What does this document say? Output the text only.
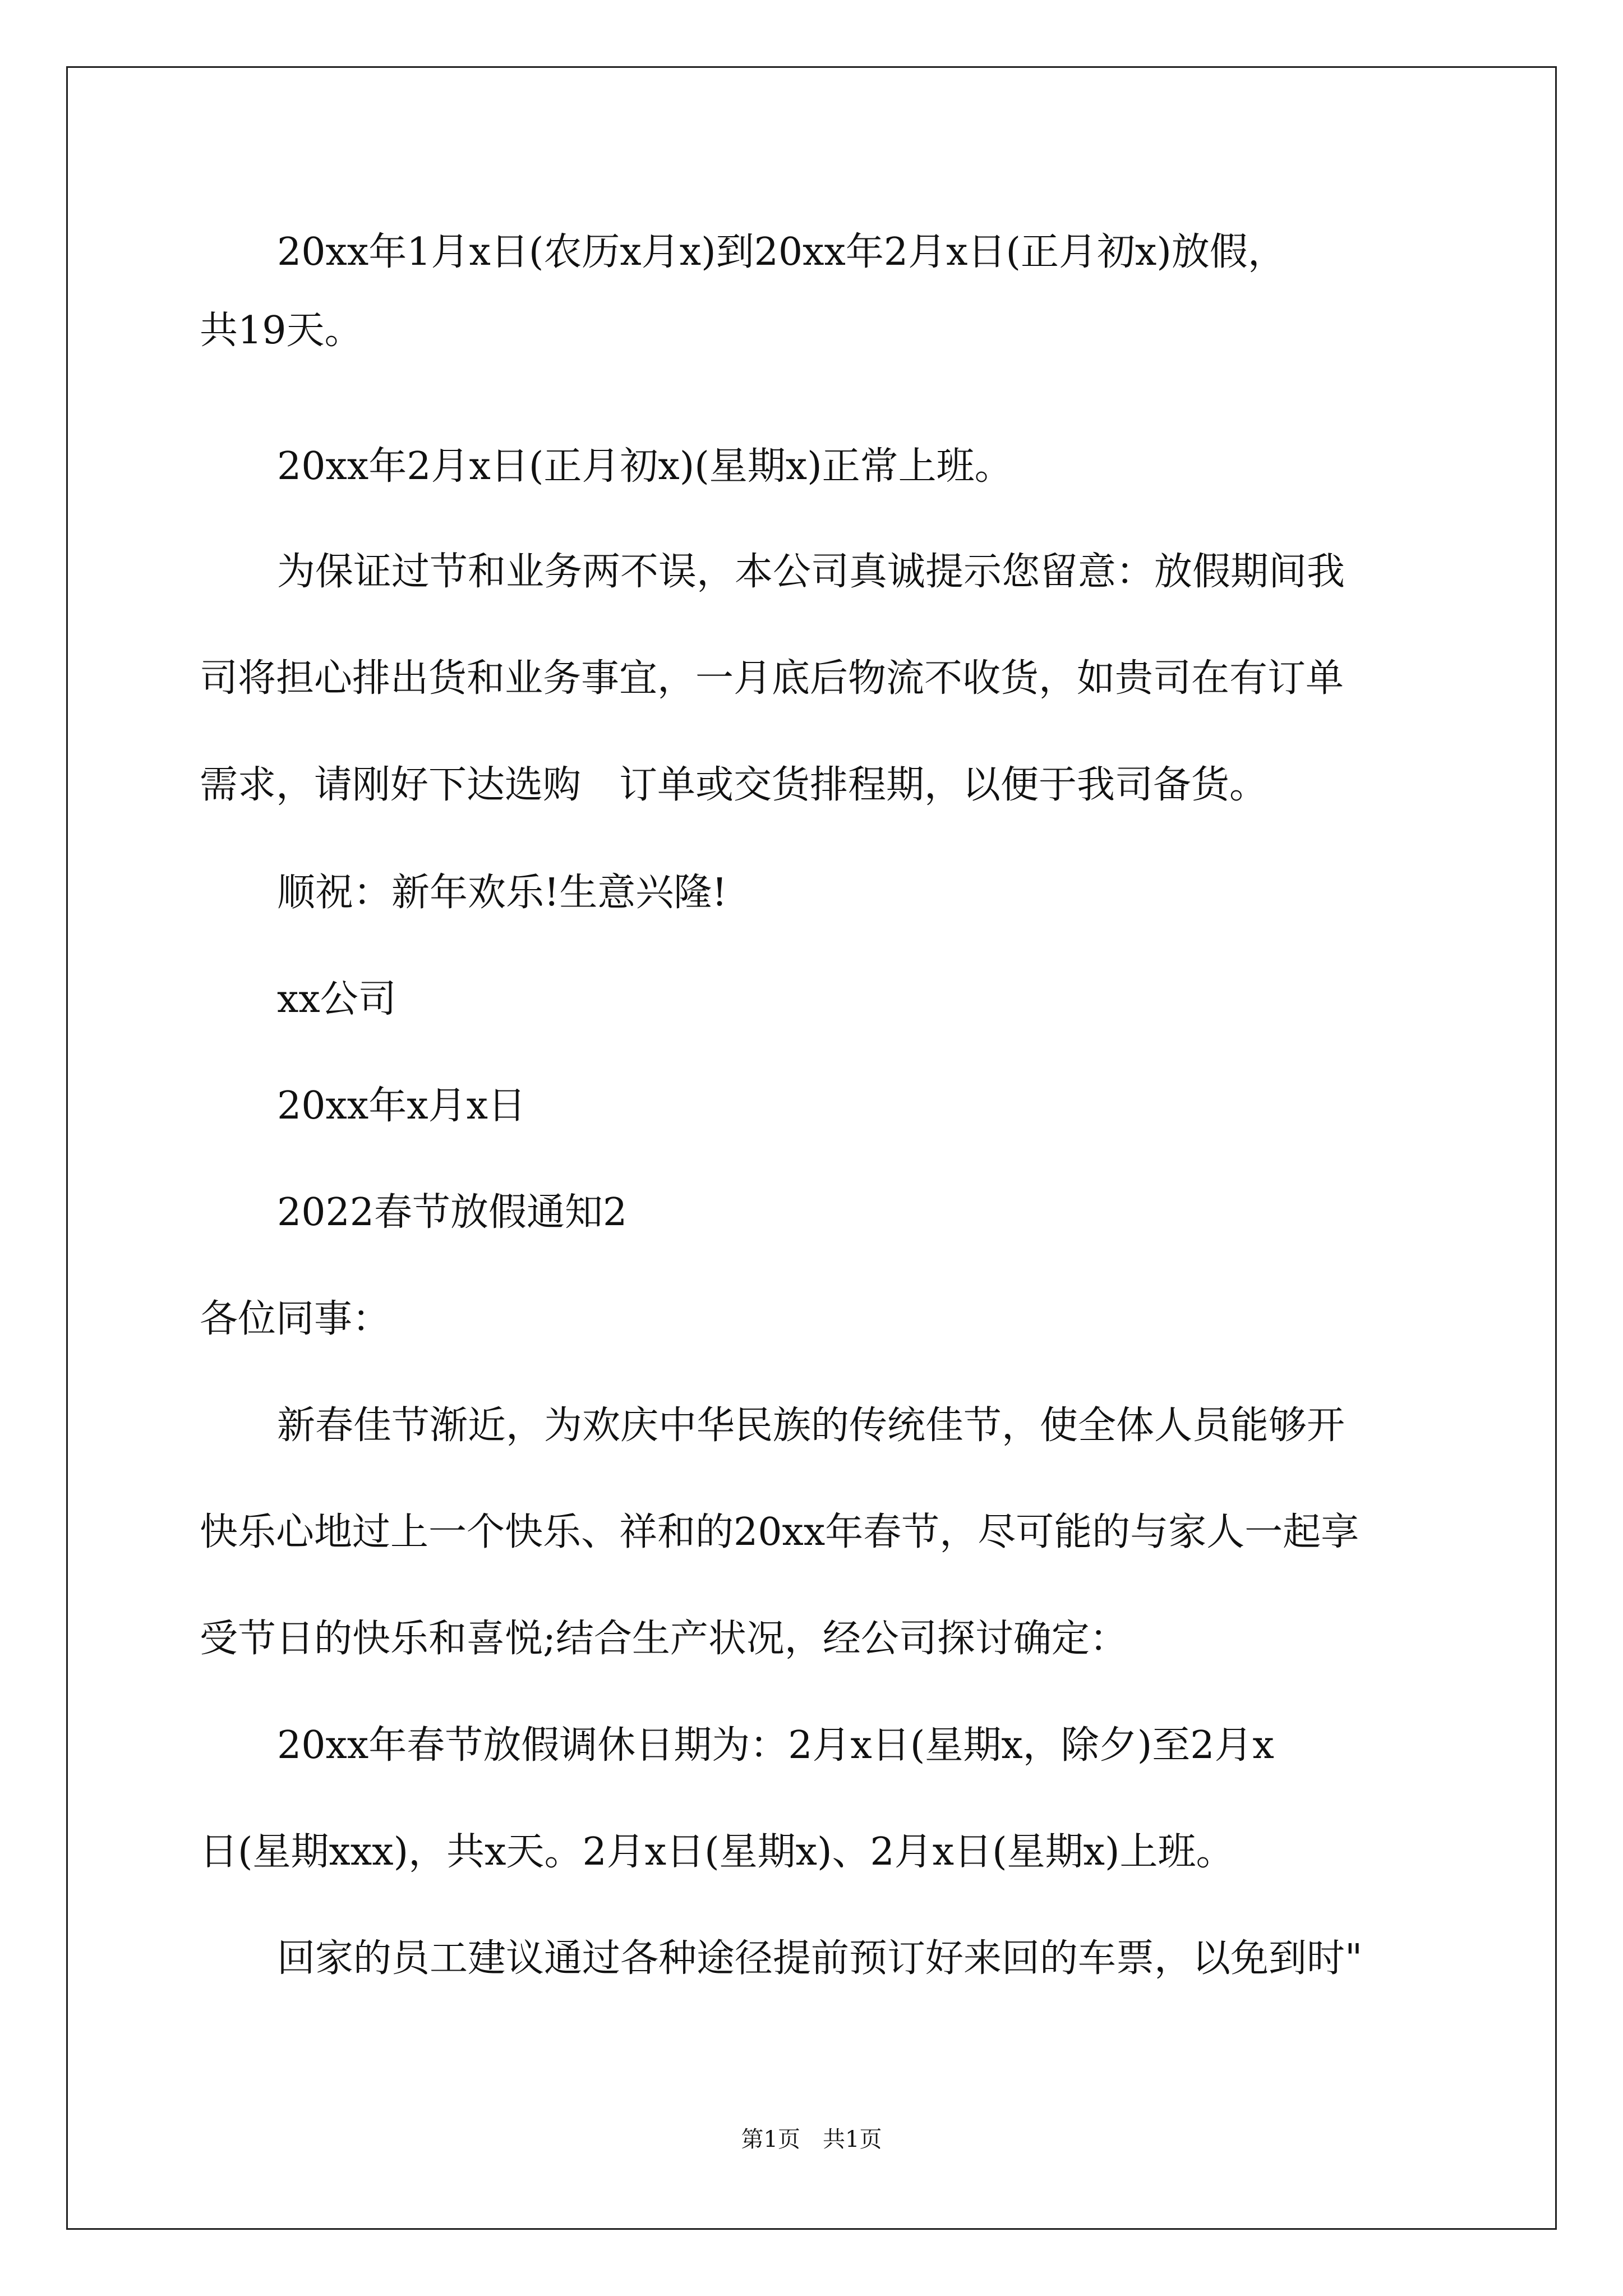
20xx年1月x日(农历x月x)到20xx年2月x日(正月初x)放假，
共19天。
20xx年2月x日(正月初x)(星期x)正常上班。
为保证过节和业务两不误，本公司真诚提示您留意：放假期间我
司将担心排出货和业务事宜，一月底后物流不收货，如贵司在有订单
需求，请刚好下达选购　订单或交货排程期，以便于我司备货。
顺祝：新年欢乐!生意兴隆!
xx公司
20xx年x月x日
2022春节放假通知2
各位同事：
新春佳节渐近，为欢庆中华民族的传统佳节，使全体人员能够开
快乐心地过上一个快乐、祥和的20xx年春节，尽可能的与家人一起享
受节日的快乐和喜悦;结合生产状况，经公司探讨确定：
20xx年春节放假调休日期为：2月x日(星期x，除夕)至2月x
日(星期xxx)，共x天。2月x日(星期x)、2月x日(星期x)上班。
回家的员工建议通过各种途径提前预订好来回的车票，以免到时"
第1页　共1页
